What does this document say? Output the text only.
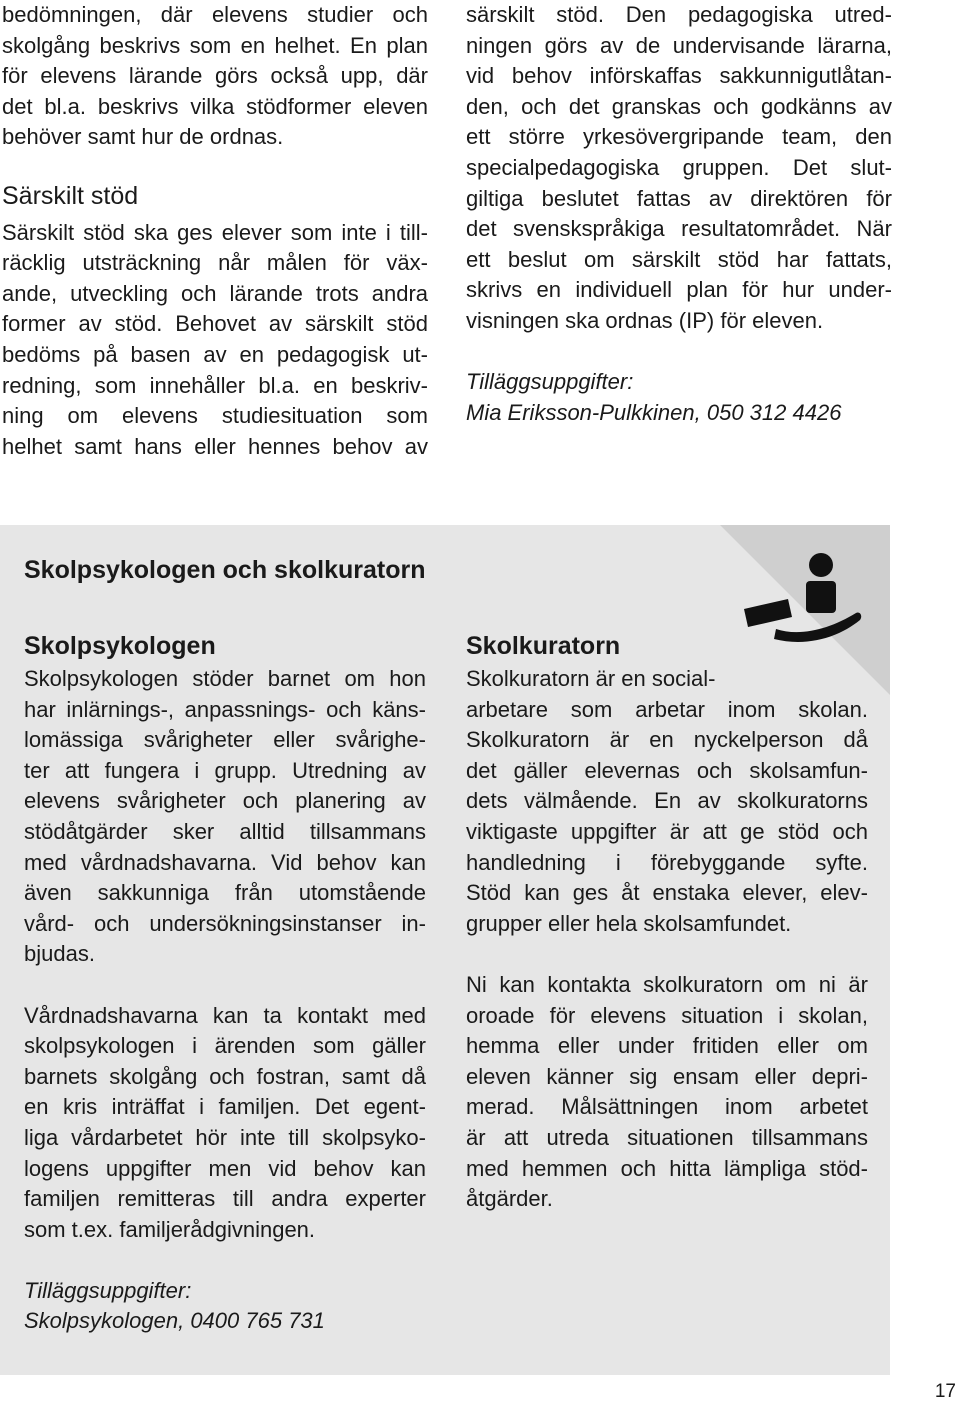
bedömningen, där elevens studier och
skolgång beskrivs som en helhet. En plan
för elevens lärande görs också upp, där
det bl.a. beskrivs vilka stödformer eleven
behöver samt hur de ordnas.

Särskilt stöd

Särskilt stöd ska ges elever som inte i till-
räcklig utsträckning når målen för väx-
ande, utveckling och lärande trots andra
former av stöd. Behovet av särskilt stöd
bedöms på basen av en pedagogisk ut-
redning, som innehåller bl.a. en beskriv-
ning om elevens studiesituation som
helhet samt hans eller hennes behov av

särskilt stöd. Den pedagogiska utred-
ningen görs av de undervisande lärarna,
vid behov införskaffas sakkunnigutlåtan-
den, och det granskas och godkänns av
ett större yrkesövergripande team, den
specialpedagogiska gruppen. Det slut-
giltiga beslutet fattas av direktören för
det svenskspråkiga resultatområdet. När
ett beslut om särskilt stöd har fattats,
skrivs en individuell plan för hur under-
visningen ska ordnas (IP) för eleven.

Tilläggsuppgifter:
Mia Eriksson-Pulkkinen, 050 312 4426
Skolpsykologen och skolkuratorn
Skolpsykologen

Skolpsykologen stöder barnet om hon
har inlärnings-, anpassnings- och käns-
lomässiga svårigheter eller svårighe-
ter att fungera i grupp. Utredning av
elevens svårigheter och planering av
stödåtgärder sker alltid tillsammans
med vårdnadshavarna. Vid behov kan
även sakkunniga från utomstående
vård- och undersökningsinstanser in-
bjudas.

Vårdnadshavarna kan ta kontakt med
skolpsykologen i ärenden som gäller
barnets skolgång och fostran, samt då
en kris inträffat i familjen. Det egent-
liga vårdarbetet hör inte till skolpsyko-
logens uppgifter men vid behov kan
familjen remitteras till andra experter
som t.ex. familjerådgivningen.

Tilläggsuppgifter:
Skolpsykologen, 0400 765 731
Skolkuratorn

Skolkuratorn är en social-
arbetare som arbetar inom skolan.
Skolkuratorn är en nyckelperson då
det gäller elevernas och skolsamfun-
dets välmående. En av skolkuratorns
viktigaste uppgifter är att ge stöd och
handledning i förebyggande syfte.
Stöd kan ges åt enstaka elever, elev-
grupper eller hela skolsamfundet.

Ni kan kontakta skolkuratorn om ni är
oroade för elevens situation i skolan,
hemma eller under fritiden eller om
eleven känner sig ensam eller depri-
merad. Målsättningen inom arbetet
är att utreda situationen tillsammans
med hemmen och hitta lämpliga stöd-
åtgärder.

17
